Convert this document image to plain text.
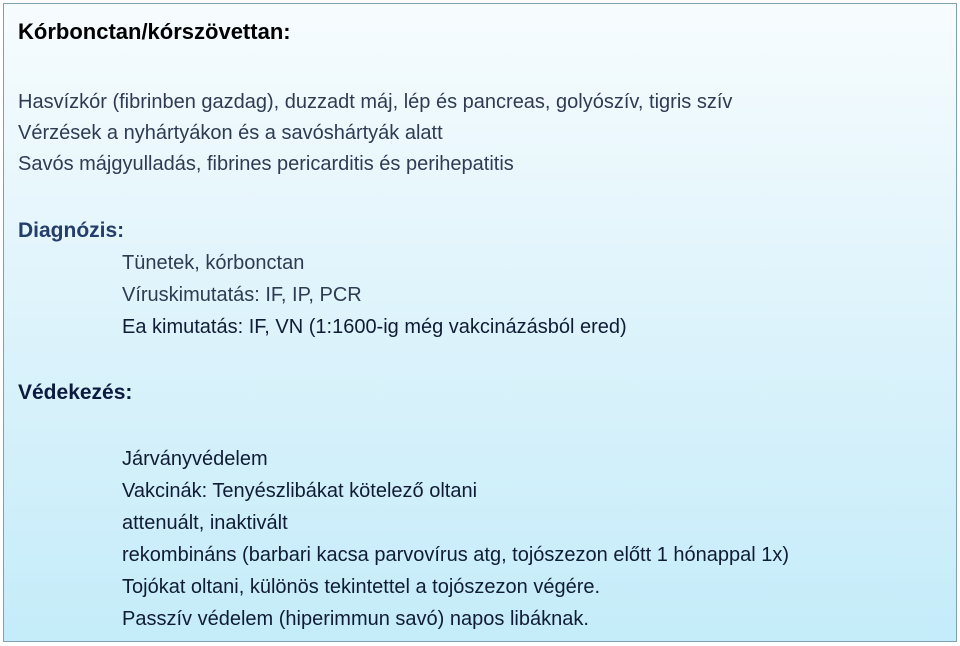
Kórbonctan/kórszövettan:
Hasvízkór (fibrinben gazdag), duzzadt máj, lép és pancreas, golyószív, tigris szív
Vérzések a nyhártyákon és a savóshártyák alatt
Savós májgyulladás, fibrines pericarditis és perihepatitis
Diagnózis:
Tünetek, kórbonctan
Víruskimutatás: IF, IP, PCR
Ea kimutatás: IF, VN (1:1600-ig még vakcinázásból ered)
Védekezés:
Járványvédelem
Vakcinák: Tenyészlibákat kötelező oltani
attenuált, inaktivált
rekombináns (barbari kacsa parvovírus atg, tojószezon előtt 1 hónappal 1x)
Tojókat oltani, különös tekintettel a tojószezon végére.
Passzív védelem (hiperimmun savó) napos libáknak.
